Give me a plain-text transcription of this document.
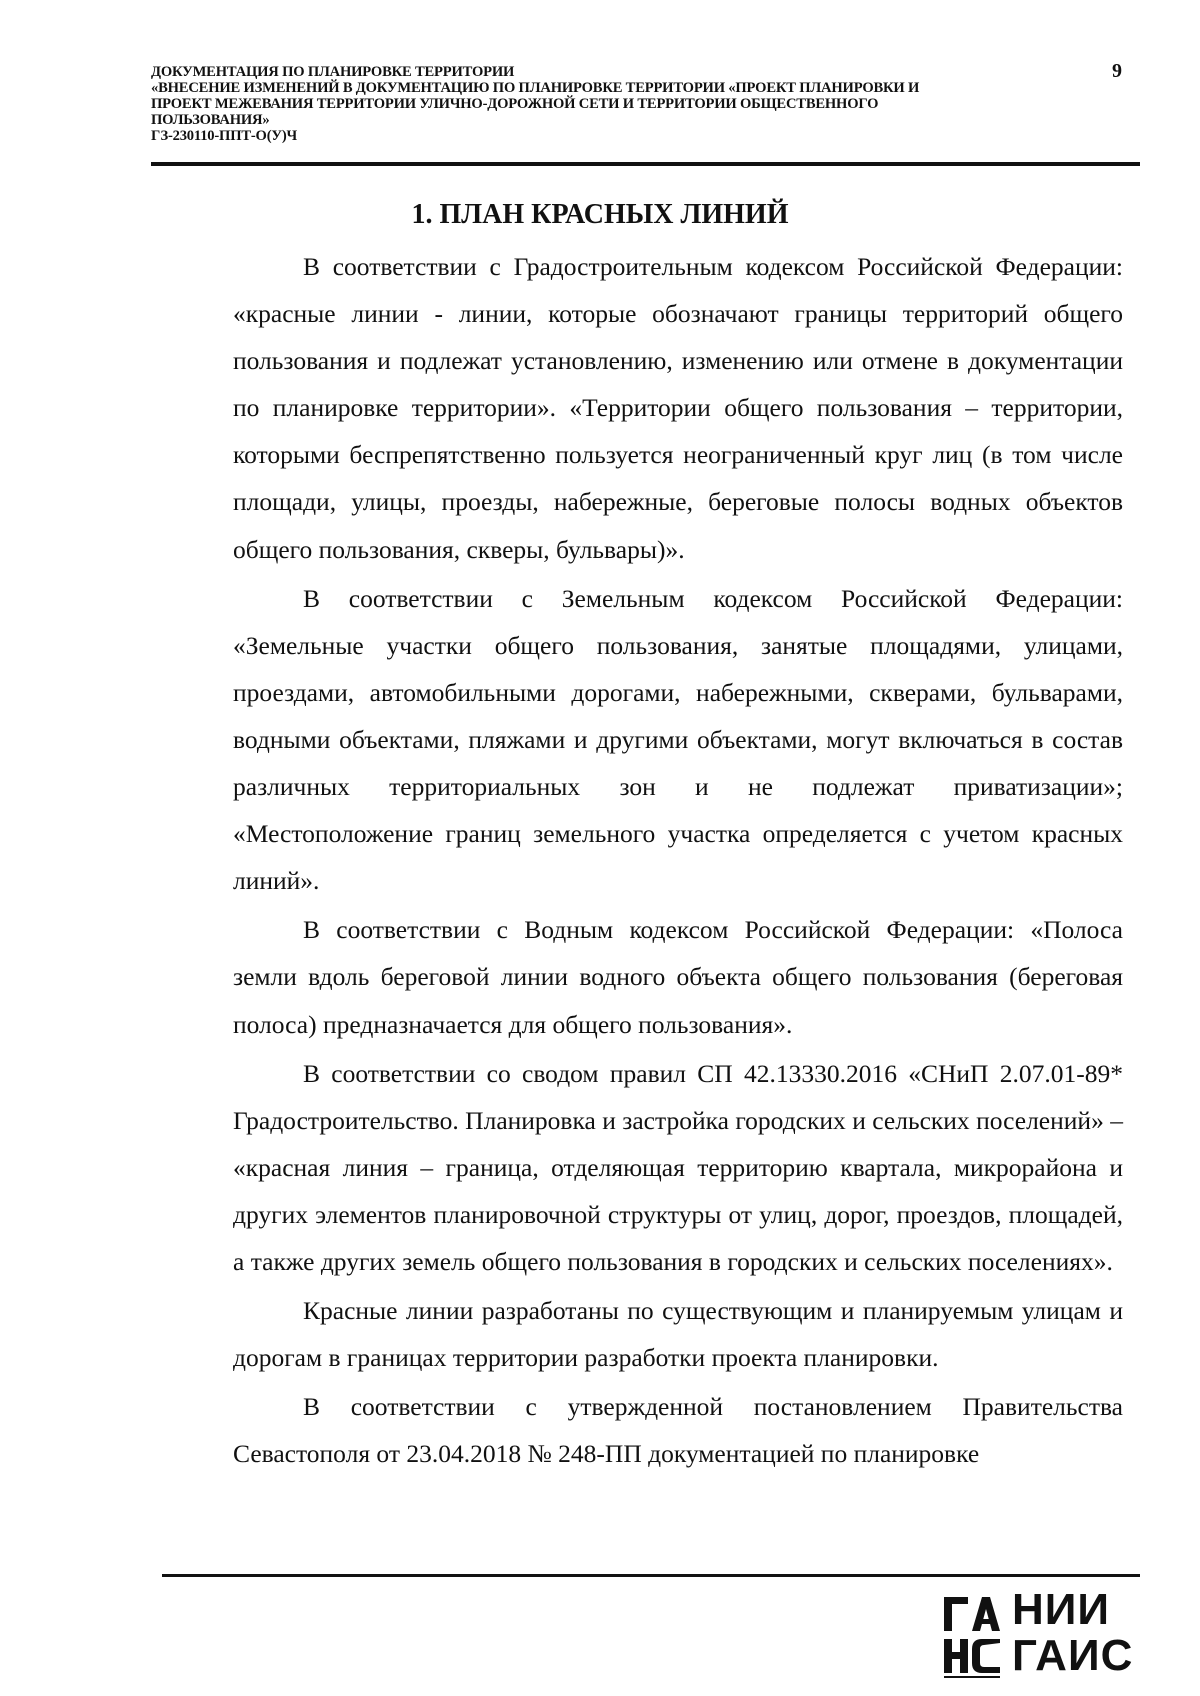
ДОКУМЕНТАЦИЯ ПО ПЛАНИРОВКЕ ТЕРРИТОРИИ
«ВНЕСЕНИЕ ИЗМЕНЕНИЙ В ДОКУМЕНТАЦИЮ ПО ПЛАНИРОВКЕ ТЕРРИТОРИИ «ПРОЕКТ ПЛАНИРОВКИ И
ПРОЕКТ МЕЖЕВАНИЯ ТЕРРИТОРИИ УЛИЧНО-ДОРОЖНОЙ СЕТИ И ТЕРРИТОРИИ ОБЩЕСТВЕННОГО
ПОЛЬЗОВАНИЯ»
ГЗ-230110-ППТ-О(У)Ч
9
1. ПЛАН КРАСНЫХ ЛИНИЙ

В соответствии с Градостроительным кодексом Российской Федерации: «красные линии - линии, которые обозначают границы территорий общего пользования и подлежат установлению, изменению или отмене в документации по планировке территории». «Территории общего пользования – территории, которыми беспрепятственно пользуется неограниченный круг лиц (в том числе площади, улицы, проезды, набережные, береговые полосы водных объектов общего пользования, скверы, бульвары)».

В соответствии с Земельным кодексом Российской Федерации: «Земельные участки общего пользования, занятые площадями, улицами, проездами, автомобильными дорогами, набережными, скверами, бульварами, водными объектами, пляжами и другими объектами, могут включаться в состав различных территориальных зон и не подлежат приватизации»; «Местоположение границ земельного участка определяется с учетом красных линий».

В соответствии с Водным кодексом Российской Федерации: «Полоса земли вдоль береговой линии водного объекта общего пользования (береговая полоса) предназначается для общего пользования».

В соответствии со сводом правил СП 42.13330.2016 «СНиП 2.07.01-89* Градостроительство. Планировка и застройка городских и сельских поселений» – «красная линия – граница, отделяющая территорию квартала, микрорайона и других элементов планировочной структуры от улиц, дорог, проездов, площадей, а также других земель общего пользования в городских и сельских поселениях».

Красные линии разработаны по существующим и планируемым улицам и дорогам в границах территории разработки проекта планировки.

В соответствии с утвержденной постановлением Правительства Севастополя от 23.04.2018 № 248-ПП документацией по планировке

НИИ
ГАИС
